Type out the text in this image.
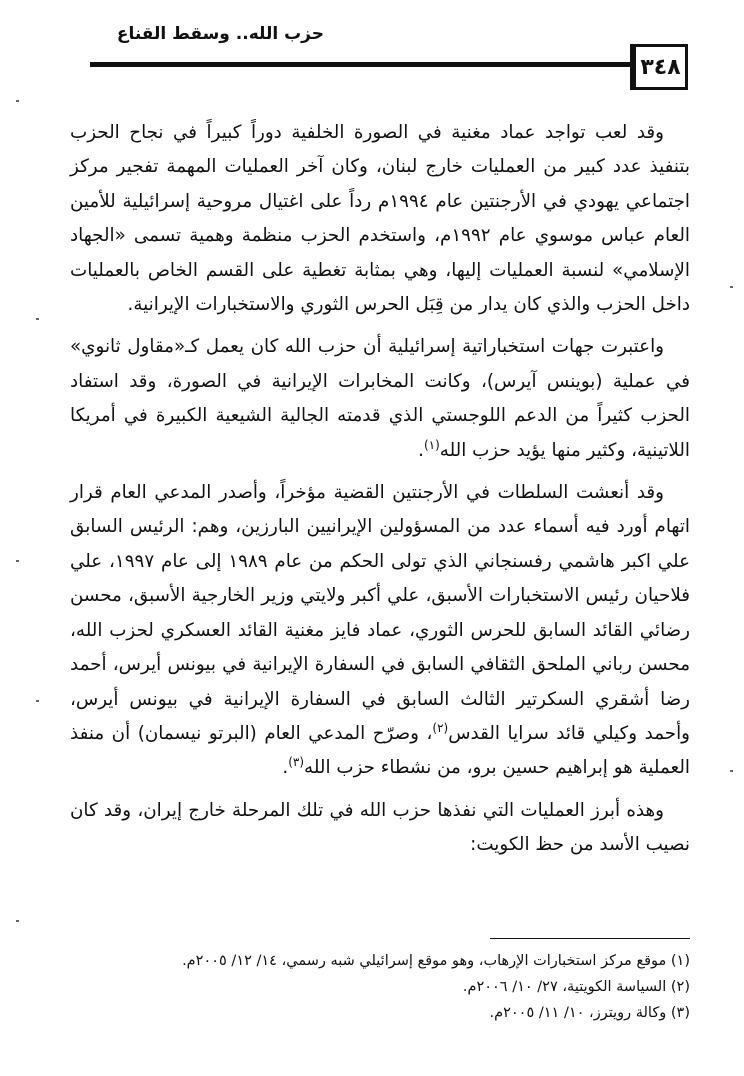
حزب الله.. وسقط القناع
٣٤٨

وقد لعب تواجد عماد مغنية في الصورة الخلفية دوراً كبيراً في نجاح الحزب بتنفيذ عدد كبير من العمليات خارج لبنان، وكان آخر العمليات المهمة تفجير مركز اجتماعي يهودي في الأرجنتين عام ١٩٩٤م رداً على اغتيال مروحية إسرائيلية للأمين العام عباس موسوي عام ١٩٩٢م، واستخدم الحزب منظمة وهمية تسمى «الجهاد الإسلامي» لنسبة العمليات إليها، وهي بمثابة تغطية على القسم الخاص بالعمليات داخل الحزب والذي كان يدار من قِبَل الحرس الثوري والاستخبارات الإيرانية.

واعتبرت جهات استخباراتية إسرائيلية أن حزب الله كان يعمل كـ«مقاول ثانوي» في عملية (بوينس آيرس)، وكانت المخابرات الإيرانية في الصورة، وقد استفاد الحزب كثيراً من الدعم اللوجستي الذي قدمته الجالية الشيعية الكبيرة في أمريكا اللاتينية، وكثير منها يؤيد حزب الله$^{(١)}$.

وقد أنعشت السلطات في الأرجنتين القضية مؤخراً، وأصدر المدعي العام قرار اتهام أورد فيه أسماء عدد من المسؤولين الإيرانيين البارزين، وهم: الرئيس السابق علي اكبر هاشمي رفسنجاني الذي تولى الحكم من عام ١٩٨٩ إلى عام ١٩٩٧، علي فلاحيان رئيس الاستخبارات الأسبق، علي أكبر ولايتي وزير الخارجية الأسبق، محسن رضائي القائد السابق للحرس الثوري، عماد فايز مغنية القائد العسكري لحزب الله، محسن رباني الملحق الثقافي السابق في السفارة الإيرانية في بيونس أيرس، أحمد رضا أشقري السكرتير الثالث السابق في السفارة الإيرانية في بيونس أيرس، وأحمد وكيلي قائد سرايا القدس$^{(٢)}$، وصرّح المدعي العام (البرتو نيسمان) أن منفذ العملية هو إبراهيم حسين برو، من نشطاء حزب الله$^{(٣)}$.

وهذه أبرز العمليات التي نفذها حزب الله في تلك المرحلة خارج إيران، وقد كان نصيب الأسد من حظ الكويت:

(١) موقع مركز استخبارات الإرهاب، وهو موقع إسرائيلي شبه رسمي، ١٤/ ١٢/ ٢٠٠٥م.
(٢) السياسة الكويتية، ٢٧/ ١٠/ ٢٠٠٦م.
(٣) وكالة رويترز، ١٠/ ١١/ ٢٠٠٥م.
